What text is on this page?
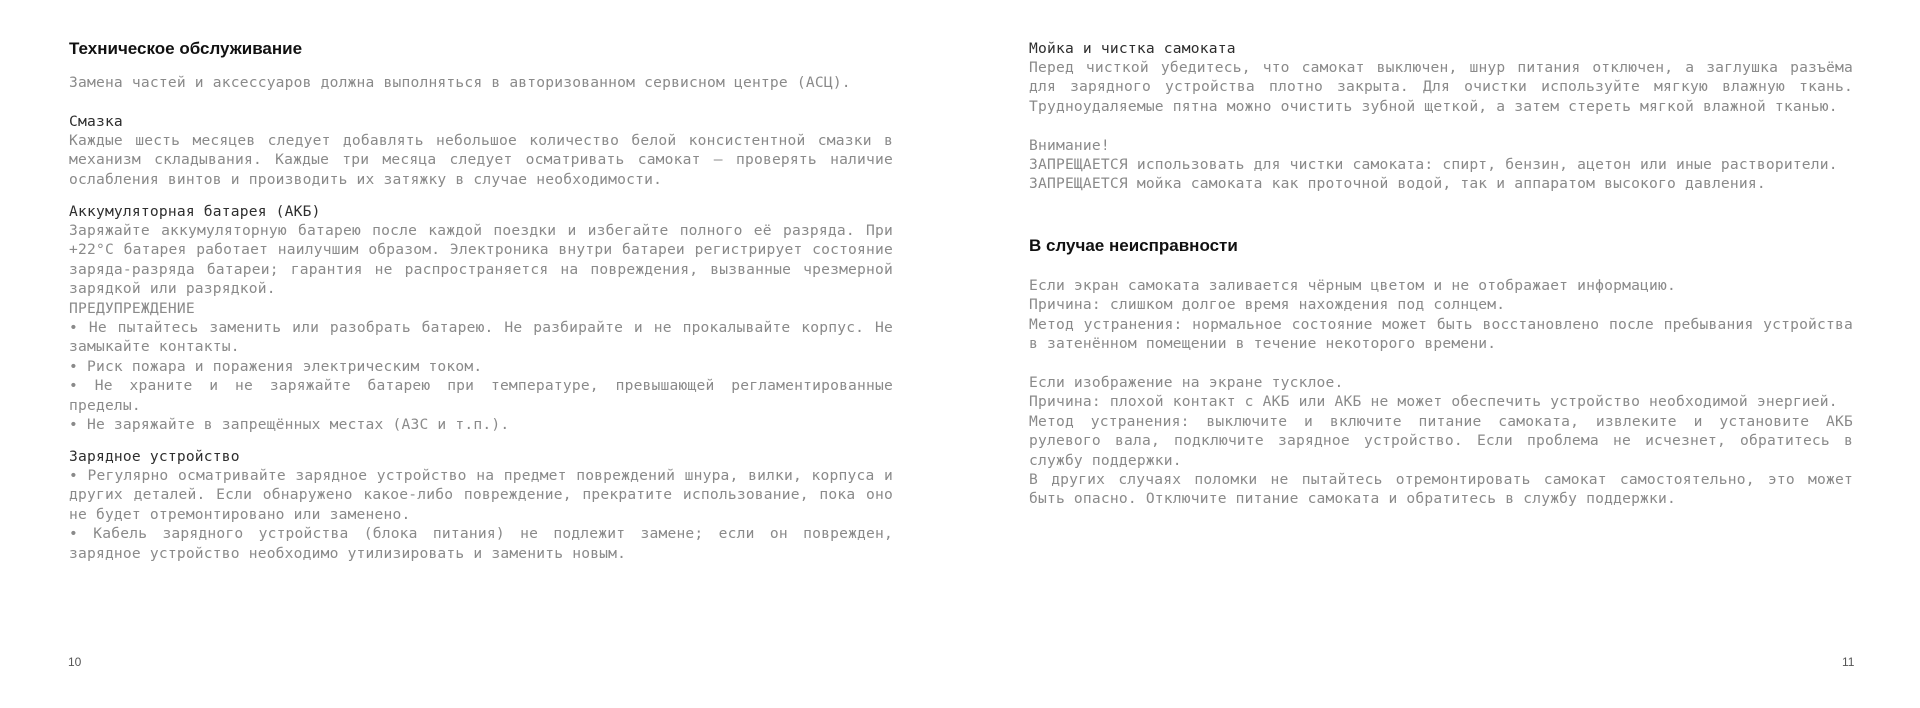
Техническое обслуживание

Замена частей и аксессуаров должна выполняться в авторизованном сервисном центре (АСЦ).

Смазка

Каждые шесть месяцев следует добавлять небольшое количество белой консистентной смазки в механизм складывания. Каждые три месяца следует осматривать самокат – проверять наличие ослабления винтов и производить их затяжку в случае необходимости.

Аккумуляторная батарея (АКБ)

Заряжайте аккумуляторную батарею после каждой поездки и избегайте полного её разряда. При +22°C батарея работает наилучшим образом. Электроника внутри батареи регистрирует состояние заряда-разряда батареи; гарантия не распространяется на повреждения, вызванные чрезмерной зарядкой или разрядкой.

ПРЕДУПРЕЖДЕНИЕ

• Не пытайтесь заменить или разобрать батарею. Не разбирайте и не прокалывайте корпус. Не замыкайте контакты.

• Риск пожара и поражения электрическим током.

• Не храните и не заряжайте батарею при температуре, превышающей регламентированные пределы.

• Не заряжайте в запрещённых местах (АЗС и т.п.).

Зарядное устройство

• Регулярно осматривайте зарядное устройство на предмет повреждений шнура, вилки, корпуса и других деталей. Если обнаружено какое-либо повреждение, прекратите использование, пока оно не будет отремонтировано или заменено.

• Кабель зарядного устройства (блока питания) не подлежит замене; если он поврежден, зарядное устройство необходимо утилизировать и заменить новым.

10

Мойка и чистка самоката

Перед чисткой убедитесь, что самокат выключен, шнур питания отключен, а заглушка разъёма для зарядного устройства плотно закрыта. Для очистки используйте мягкую влажную ткань. Трудноудаляемые пятна можно очистить зубной щеткой, а затем стереть мягкой влажной тканью.

Внимание!

ЗАПРЕЩАЕТСЯ использовать для чистки самоката: спирт, бензин, ацетон или иные растворители.

ЗАПРЕЩАЕТСЯ мойка самоката как проточной водой, так и аппаратом высокого давления.

В случае неисправности

Если экран самоката заливается чёрным цветом и не отображает информацию.

Причина: слишком долгое время нахождения под солнцем.

Метод устранения: нормальное состояние может быть восстановлено после пребывания устройства в затенённом помещении в течение некоторого времени.

Если изображение на экране тусклое.

Причина: плохой контакт с АКБ или АКБ не может обеспечить устройство необходимой энергией.

Метод устранения: выключите и включите питание самоката, извлеките и установите АКБ рулевого вала, подключите зарядное устройство. Если проблема не исчезнет, обратитесь в службу поддержки.

В других случаях поломки не пытайтесь отремонтировать самокат самостоятельно, это может быть опасно. Отключите питание самоката и обратитесь в службу поддержки.

11
